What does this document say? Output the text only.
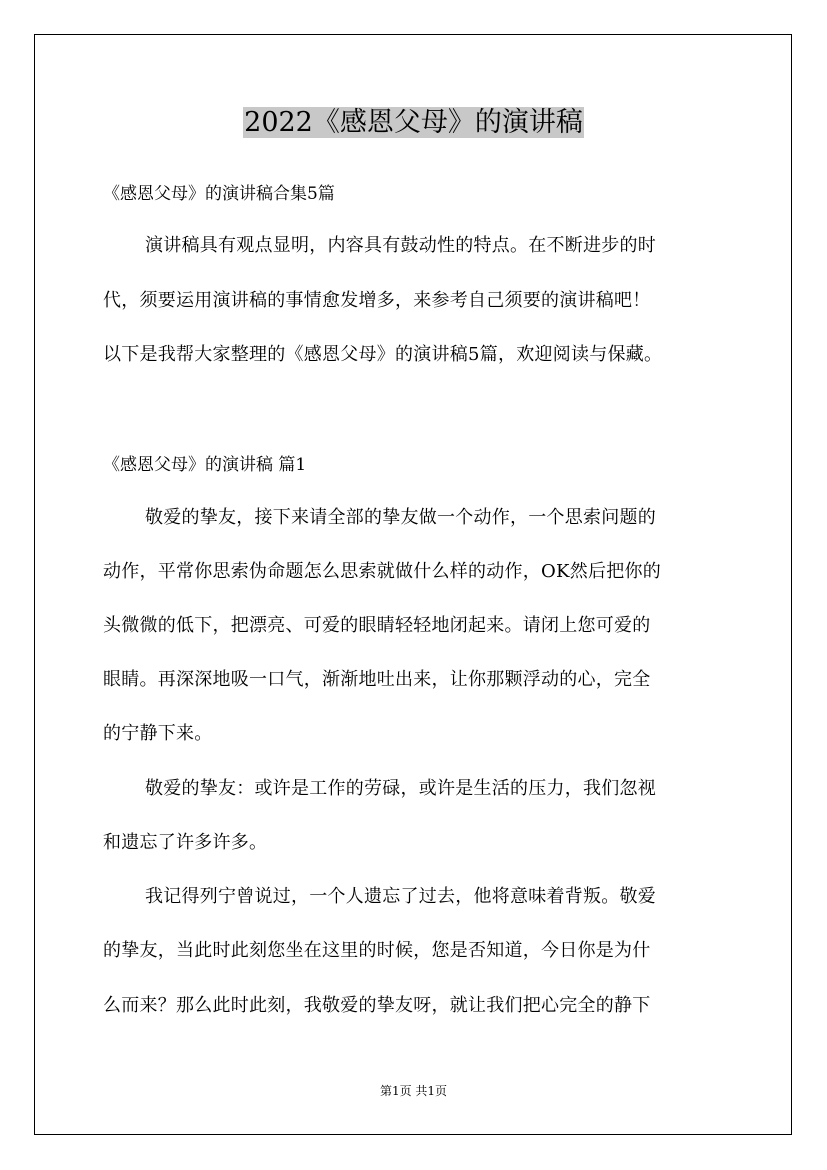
2022《感恩父母》的演讲稿
《感恩父母》的演讲稿合集5篇
演讲稿具有观点显明，内容具有鼓动性的特点。在不断进步的时
代，须要运用演讲稿的事情愈发增多，来参考自己须要的演讲稿吧！
以下是我帮大家整理的《感恩父母》的演讲稿5篇，欢迎阅读与保藏。
《感恩父母》的演讲稿 篇1
敬爱的挚友，接下来请全部的挚友做一个动作，一个思索问题的
动作，平常你思索伪命题怎么思索就做什么样的动作，OK然后把你的
头微微的低下，把漂亮、可爱的眼睛轻轻地闭起来。请闭上您可爱的
眼睛。再深深地吸一口气，渐渐地吐出来，让你那颗浮动的心，完全
的宁静下来。
敬爱的挚友：或许是工作的劳碌，或许是生活的压力，我们忽视
和遗忘了许多许多。
我记得列宁曾说过，一个人遗忘了过去，他将意味着背叛。敬爱
的挚友，当此时此刻您坐在这里的时候，您是否知道，今日你是为什
么而来？那么此时此刻，我敬爱的挚友呀，就让我们把心完全的静下
第1页 共1页
